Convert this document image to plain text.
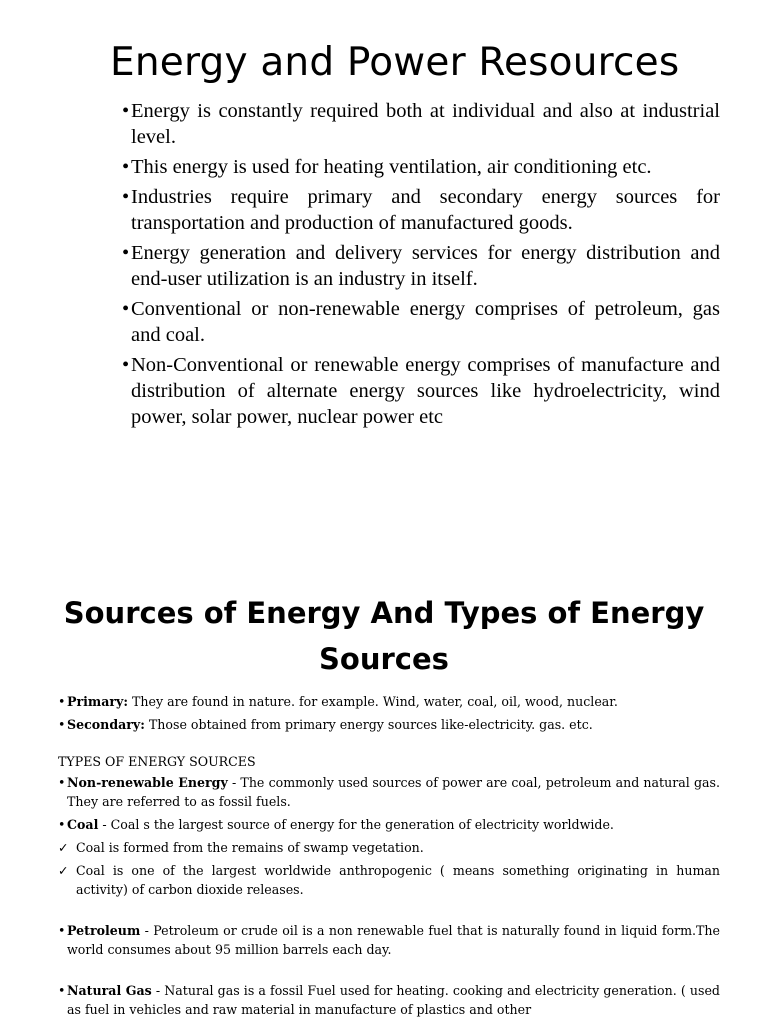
Energy and Power Resources
• Energy is constantly required both at individual and also at industrial level.
• This energy is used for heating ventilation, air conditioning etc.
• Industries require primary and secondary energy sources for transportation and production of manufactured goods.
• Energy generation and delivery services for energy distribution and end-user utilization is an industry in itself.
• Conventional or non-renewable energy comprises of petroleum, gas and coal.
• Non-Conventional or renewable energy comprises of manufacture and distribution of alternate energy sources like hydroelectricity, wind power, solar power, nuclear power etc
Sources of Energy And Types of Energy Sources

• Primary: They are found in nature. for example. Wind, water, coal, oil, wood, nuclear.

• Secondary: Those obtained from primary energy sources like-electricity. gas. etc.

TYPES OF ENERGY SOURCES

• Non-renewable Energy - The commonly used sources of power are coal, petroleum and natural gas. They are referred to as fossil fuels.

• Coal - Coal s the largest source of energy for the generation of electricity worldwide.

✓ Coal is formed from the remains of swamp vegetation.

✓ Coal is one of the largest worldwide anthropogenic ( means something originating in human activity) of carbon dioxide releases.

• Petroleum - Petroleum or crude oil is a non renewable fuel that is naturally found in liquid form.The world consumes about 95 million barrels each day.

• Natural Gas - Natural gas is a fossil Fuel used for heating. cooking and electricity generation. ( used as fuel in vehicles and raw material in manufacture of plastics and other
